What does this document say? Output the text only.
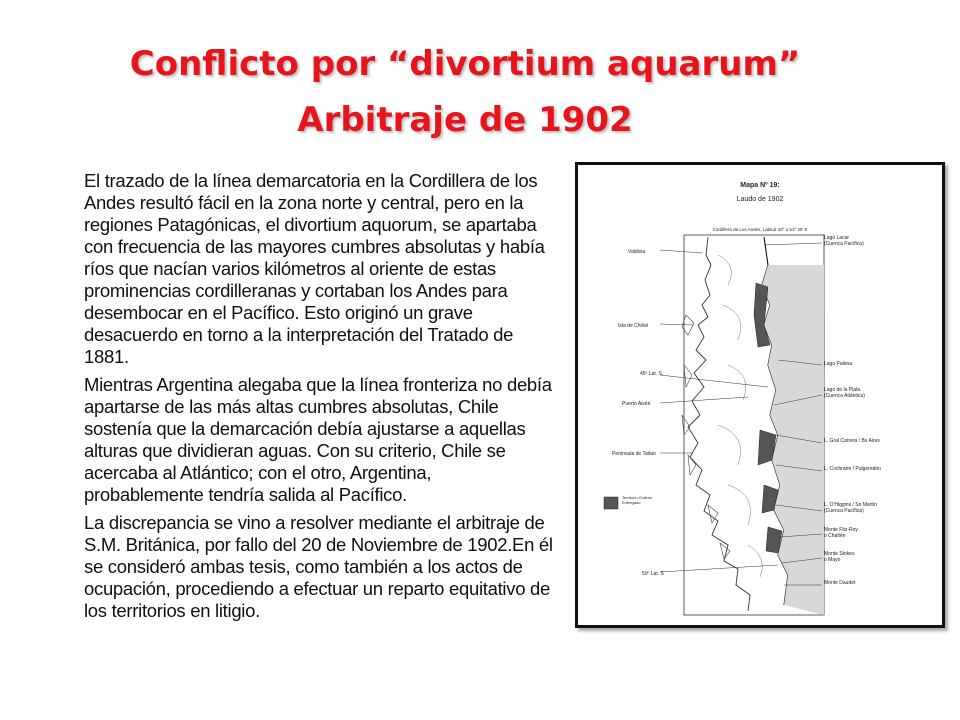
Conflicto por “divortium aquarum”
Arbitraje de 1902

El trazado de la línea demarcatoria en la Cordillera de los Andes resultó fácil en la zona norte y central, pero en la regiones Patagónicas, el divortium aquorum, se apartaba con frecuencia de las mayores cumbres absolutas y había ríos que nacían varios kilómetros al oriente de estas prominencias cordilleranas y cortaban los Andes para desembocar en el Pacífico. Esto originó un grave desacuerdo en torno a la interpretación del Tratado de 1881.

Mientras Argentina alegaba que la línea fronteriza no debía apartarse de las más altas cumbres absolutas, Chile sostenía que la demarcación debía ajustarse a aquellas alturas que dividieran aguas. Con su criterio, Chile se acercaba al Atlántico; con el otro, Argentina, probablemente tendría salida al Pacífico.

La discrepancia se vino a resolver mediante el arbitraje de S.M. Británica, por fallo del 20 de Noviembre de 1902.En él se consideró ambas tesis, como también a los actos de ocupación, procediendo a efectuar un reparto equitativo de los territorios en litigio.

Mapa Nº 19:
Laudo de 1902
Cordillera de Los Andes, Latitud 40º a 51º 30' S
Valdivia
Isla de Chiloé
45º Lat. S.
Puerto Aisén
Península de Taitao
50º Lat. S
Territorio Chileno Entregado
Lago Lacar
(Cuenca Pacífica)
Lago Palena
Lago de la Plata
(Cuenca Atlántica)
L. Gral Carrera / Bs Aires
L. Cochrane / Pulgeredón
L. O'Higgins / Sn Martín
(Cuenca Pacífica)
Monte Fitz-Roy
o Chaltén
Monte Stokes
o Mayo
Monte Daudet
